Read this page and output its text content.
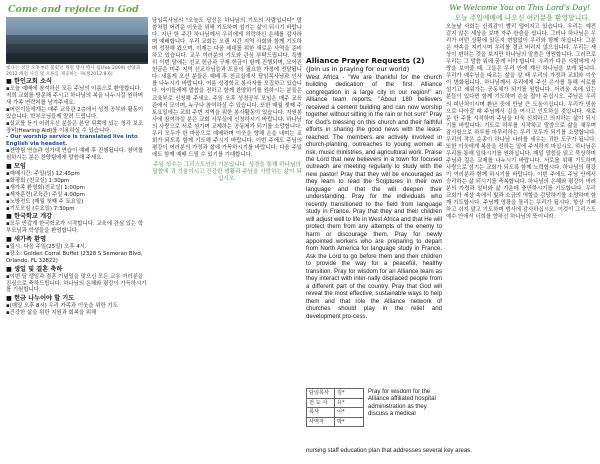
Come and rejoice in God	We Welcome You on This Lord's Day!
오늘 주일예배에 나오신 여러분을 환영합니다.
빛나는 성탄 오후부터 불렸던 캐럴 행사 행사 됨(Feb 2009) 찬양과
2012 캐럴 사진 및 오류를 제공하는 자(정2012.8.6)
■ 한인교회 소식

▪오늘 예배에 참석하신 모든 주님의 이름으로 환영합니다. 저희 교회를 방문해 주시고 하나님의 복을 나누시길 원하며 새 가족 연락처를 남겨주세요.

▪어린이들에게는 매주 교육관 2층에서 성경 공부와 활동이 있습니다. 학부모님들께 알려 드립니다.

▪설교를 듣기 어려우신 분들은 본당 뒤쪽에 있는 청각 보조 장비(Hearing Aid)를 이용하실 수 있습니다.

- Our worship service is translated live into English via headset.

▪찬양팀 연습과 성가대 연습이 예배 후 진행됩니다. 참여를 원하시는 분은 찬양팀에게 말씀해 주세요.

■ 모임

▪예배시간: 주일(일) 12:45pm

▪화평회 (친교실) 1:30pm

▪새가족 환영회(친교실) 1:00pm

▪제자훈련(교육관) 주일 4:00pm

▪노방전도 (매월 첫째 주 토요일)

▪기도모임 (수요일) 7:30pm

■ 한국학교 개강

▪모두 반갑게 한국학교가 시작합니다. 교육에 관심 있는 학부모님과 학생들을 환영합니다.

■ 새가족 환영

▪일시: 다음 주일(25일) 오후 4시.

▪장소: Golden Corral Buffet (2328 S Semoran Blvd, Orlando, FL 32822)

■ 생일 및 결혼 축하

▪이번 달 생일과 결혼 기념일을 맞으신 모든 교우 여러분을 진심으로 축하드립니다. 하나님의 은혜와 평강이 가득하시기를 기원합니다.

■ 헌금 나누어야 할 기도

▪(매일 오후 8시) 우리 가족과 이웃을 위한 기도

▪건강한 삶을 위한 지원과 회복을 위해

담임목사님의 "오늘도 당신은 하나님의 기도의 사람입니다" 말씀처럼 어려운 이웃을 위해 기도하며 섬기는 삶이 되시기 바랍니다. 지난 한 주간 하나님께서 우리에게 허락하신 은혜를 감사하며 예배합니다. 우리 교회는 오랜 시간 지역 사회와 함께 기도하며 성장해 왔으며, 이제는 다음 세대를 위한 새로운 사역을 준비하고 있습니다. 교우 여러분의 기도와 관심 부탁드립니다. 특별히 이번 달에는 선교 헌금과 구제 헌금이 함께 진행되며, 모아진 헌금은 미주 지역 선교사님들과 도움이 필요한 가정에 전달됩니다. 새롭게 오신 분들은 예배 후 친교실에서 담임목사님과 인사를 나누시기 바랍니다. 여름 성경학교 봉사자를 모집하고 있습니다. 아이들에게 말씀을 전하고 함께 찬양하기를 원하시는 분들은 교육부로 신청해 주세요. 주일 오후 성경공부 모임은 매주 교육관에서 모이며, 누구나 참여하실 수 있습니다. 또한 매월 셋째 주 토요일에는 교회 주변 지역을 위한 봉사활동이 있습니다. 자원봉사에 참여하실 분은 교회 사무실에 신청하시기 바랍니다. 하나님의 사랑으로 서로 섬기며 교제하는 공동체가 되기를 소망합니다. 우리 모두가 한 마음으로 예배하며 이웃을 향해 손을 내미는 교회가 되도록 함께 기도해 주시기 바랍니다. 이번 주에도 주님의 평강이 여러분의 가정과 삶에 가득하시기를 바랍니다. 다음 주일에도 함께 예배 드릴 수 있기를 기대합니다.
주일 성수는 그리스도인의 기본입니다. 성경을 통해 하나님의 말씀에 귀 기울이시고 건강한 생활과 주님을 사랑하는 삶이 되십시오.
Alliance Prayer Requests (2)
(Join us in praying for our world)
West Africa - "We are thankful for the church building dedication of the first Alliance congregation in a large city in our region!" an Alliance team reports. "About 180 believers received a cement building and can now worship together without sitting in the rain or hot sun!" Pray for God's blessing on this church and their faithful efforts in sharing the good news with the least-reached. The members are actively involved in church-planting, outreaches to young women at risk, music ministries, and agricultural work. Praise the Lord that new believers in a town for focused outreach are meeting regularly to study with the new pastor! Pray that they will be encouraged as they learn to read the Scriptures in their own language and that the will deepen their understanding. Pray for the individuals who recently transitioned to the field from language study in France. Pray that they and their children will adjust well to life in West Africa and that He will protect them from any attempts of the enemy to harm or discourage them. Pray for newly appointed workers who are preparing to depart from North America for language study in France. Ask the Lord to go before them and their children to provide the way for a peaceful, healthy transition. Pray for wisdom for an Alliance team as they interact with inter-nally displaced people from a different part of the country. Pray that God will reveal the most effective, sustainable ways to help them and that role the Alliance network of churches should play in the relief and development pro-cess.
담임목사	김*
전 도 사	유*
목사	이*
사역자	박*
Pray for wisdom for the Alliance affiliated hospital administration as they discuss a medical
nursing staff education plan that addresses several key areas.
오늘날 사회는 신뢰감이 빨리 떨어지고 있습니다. 우리는 예전 같지 않은 세상을 보며 자주 한숨을 쉽니다. 그러나 하나님은 우리가 어떤 상황에 있든지 변함없이 우리와 함께 하십니다. 그분은 약속을 지키시며 우리를 결코 버리지 않으십니다. 우리는 세상이 변하는 것을 보지만 하나님의 말씀은 영원합니다. 그러므로 우리는 그 말씀 위에 굳게 서야 합니다. 우리가 다른 사람에게 사랑을 보여줄 때, 그들은 우리 안에 계신 하나님을 보게 됩니다. 우리가 예수님을 따르는 삶을 살 때 우리의 가정과 교회와 이웃이 변화됩니다. 하나님께서 우리에게 주신 은사를 통해 서로를 섬기고 세워가는 공동체가 되기를 원합니다. 어려움 속에 있는 분들이 있다면 함께 기도하며 손을 잡아 주십시오. 주님은 우리의 피난처이시며 환난 중에 만날 큰 도움이십니다. 우리가 믿음으로 나아갈 때 주님께서 길을 여시고 인도하실 것입니다. 새로운 한 주를 시작하며 주님을 더욱 신뢰하고 의지하는 삶이 되시기를 바랍니다. 기도로 하루를 시작하고 말씀으로 삶을 채우며 감사함으로 하루를 마무리하는 우리 모두가 되기를 소망합니다. 우리의 작은 순종이 하나님 나라를 세우는 귀한 도구가 됩니다. 또한 이웃에게 복음을 전하는 일에 주저하지 마십시오. 하나님은 우리를 통해 일하시기를 원하십니다. 매일 말씀을 읽고 묵상하며 주님과 깊은 교제를 나누시기 바랍니다. 서로를 위해 기도하며 사랑으로 섬기는 교회가 되도록 함께 노력합시다. 하나님의 평강이 여러분과 함께 하시기를 바랍니다. 이번 주에도 주님 안에서 승리하는 삶 되시기를 축복합니다. 하나님의 은혜와 평강이 여러분의 가정과 일터와 삶 가운데 충만하시기를 기도합니다. 우리 교회가 세상 속에서 빛과 소금의 역할을 감당하기를 소망하며 함께 기도합시다. 주님께 영광을 돌리는 우리가 됩시다. 항상 기뻐하고 쉬지 말고 기도하며 범사에 감사하십시오. 이것이 그리스도 예수 안에서 너희를 향하신 하나님의 뜻이니라.
